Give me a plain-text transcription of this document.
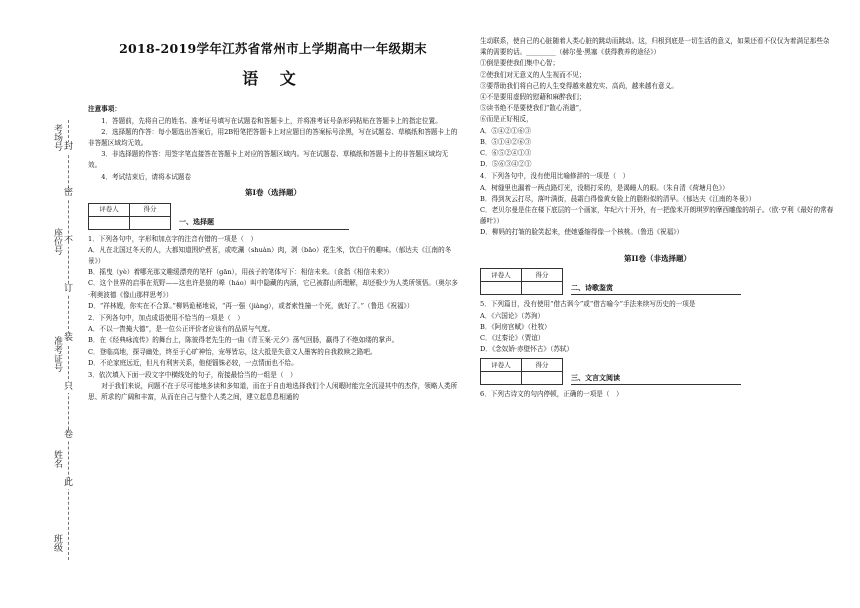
封
密
不
订
装
只
卷
此
考场号
座位号
准考证号
姓名
班级
2018-2019学年江苏省常州市上学期高中一年级期末
语 文
注意事项：

1．答题前，先将自己的姓名、准考证号填写在试题卷和答题卡上，并将准考证号条形码粘贴在答题卡上的指定位置。

2．选择题的作答：每小题选出答案后，用2B铅笔把答题卡上对应题目的答案标号涂黑，写在试题卷、草稿纸和答题卡上的非答题区域均无效。

3．非选择题的作答：用签字笔直接答在答题卡上对应的答题区域内。写在试题卷、草稿纸和答题卡上的非答题区域均无效。

4．考试结束后，请将本试题卷

第I卷（选择题）
评卷人	得分

一、选择题

1．下列各句中，字形和加点字的注音有错的一项是（　）

A．凡在北国过冬天的人，大都知道围炉煮茗，或吃涮（shuàn）肉，剥（bāo）花生米，饮白干的趣味。（郁达夫《江南的冬景》）

B．摇曳（yè）着哪光那文趣缓漂亮的笔杆（gān），用孩子的笔体写下：相信未来。（食指《相信未来》）

C．这个世界的启事在荒野——这也许是狼的嗥（háo）叫中隐藏的内涵，它已被群山所理解，却还极少为人类所领悟。（奥尔多·利奥波德《像山那样思考》）

D．“祥林嫂，你实在不合算。”柳妈诡秘地说，“再一强（jiàng），或者索性撞一个死，就好了。”（鲁迅《祝福》）

2．下列各句中，加点成语使用不恰当的一项是（　）

A．不以一眚掩大德”，是一位公正评价者应该有的品质与气度。

B．在《经典咏流传》的舞台上，陈彼得老先生的一曲《青玉案·元夕》荡气回肠，赢得了不绝如缕的掌声。

C．登临高地，探寻幽处，终至于心旷神怡，宠辱皆忘，这大抵是失意文人墨客的自我救赎之路吧。

D．不论家庭远近，但凡有利害关系，他便锱铢必较，一点情面也不给。

3．依次填入下面一段文字中横线处的句子，衔接最恰当的一组是（　）

对于我们来说，问题不在于尽可能地多读和多知道，而在于自由地选择我们个人闲暇时能完全沉浸其中的杰作，领略人类所思、所求的广阔和丰富，从而在自己与整个人类之间，建立起息息相通的

生动联系，使自己的心脏随着人类心脏的跳动而跳动。这，归根到底是一切生活的意义，如果还看不仅仅为着满足那些杂乘的需要的话。_________（赫尔曼·黑塞《获得教养的途径》）

①倒是要使我们集中心智；

②使我们对无意义的人生视而不见；

③要帮助我们将自己的人生变得越来越充实、高尚，越来越有意义。

④不是要用虚假的慰藉和麻醉我们；

⑤读书绝不是要使我们“散心消遣”，

⑥而是正好相反，

A．⑤④②①⑥③

B．⑤①④②⑥③

C．⑥⑤②④①③

D．⑤⑥③④②①

4．下列各句中，没有使用比喻修辞的一项是（　）

A．树缝里也漏着一两点路灯光，没精打采的，是渴睡人的眼。（朱自清《荷塘月色》）

B．得到灰云打尽，落叶满街，晨霜白得像黄女脸上的脂粉似的清早。（郁达夫《江南的冬景》）

C．老贝尔曼是住在楼下底层的一个画家，年纪六十开外，有一把像米开朗琪罗的摩西雕像的胡子。（欧·亨利《最好的常春藤叶》）

D．柳妈的打皱的脸笑起来，使她蹙缩得像一个核桃。（鲁迅《祝福》）

第II卷（非选择题）
评卷人	得分

二、诗歌鉴赏

5．下列篇目，没有使用“借古讽今”或“借古喻今”手法来续写历史的一项是

A．《六国论》（苏洵）

B．《阿房宫赋》（杜牧）

C．《过秦论》（贾谊）

D．《念奴娇·赤壁怀古》（苏轼）

评卷人	得分

三、文言文阅读

6．下列古诗文的句内停顿，正确的一项是（　）
